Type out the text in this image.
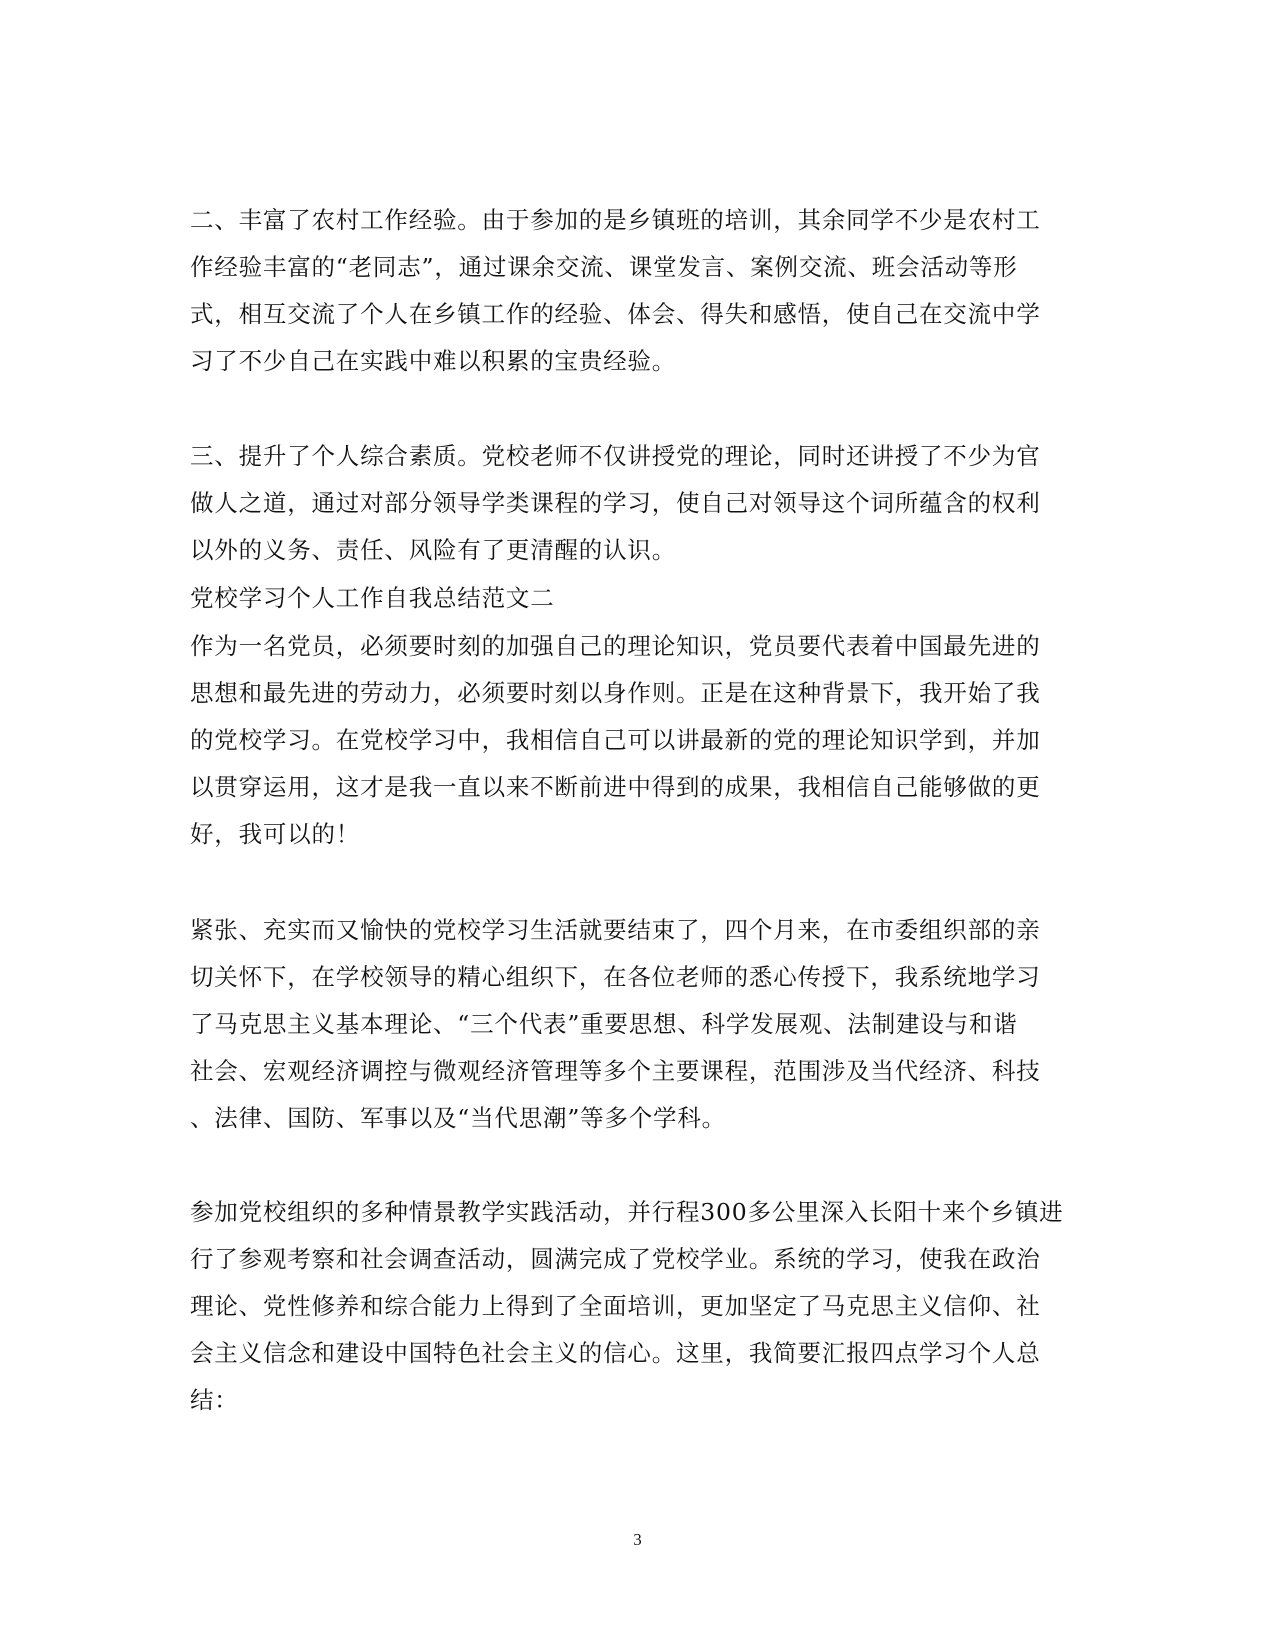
二、丰富了农村工作经验。由于参加的是乡镇班的培训，其余同学不少是农村工
作经验丰富的“老同志”，通过课余交流、课堂发言、案例交流、班会活动等形
式，相互交流了个人在乡镇工作的经验、体会、得失和感悟，使自己在交流中学
习了不少自己在实践中难以积累的宝贵经验。
三、提升了个人综合素质。党校老师不仅讲授党的理论，同时还讲授了不少为官
做人之道，通过对部分领导学类课程的学习，使自己对领导这个词所蕴含的权利
以外的义务、责任、风险有了更清醒的认识。
党校学习个人工作自我总结范文二
作为一名党员，必须要时刻的加强自己的理论知识，党员要代表着中国最先进的
思想和最先进的劳动力，必须要时刻以身作则。正是在这种背景下，我开始了我
的党校学习。在党校学习中，我相信自己可以讲最新的党的理论知识学到，并加
以贯穿运用，这才是我一直以来不断前进中得到的成果，我相信自己能够做的更
好，我可以的！
紧张、充实而又愉快的党校学习生活就要结束了，四个月来，在市委组织部的亲
切关怀下，在学校领导的精心组织下，在各位老师的悉心传授下，我系统地学习
了马克思主义基本理论、“三个代表”重要思想、科学发展观、法制建设与和谐
社会、宏观经济调控与微观经济管理等多个主要课程，范围涉及当代经济、科技
、法律、国防、军事以及“当代思潮”等多个学科。
参加党校组织的多种情景教学实践活动，并行程300多公里深入长阳十来个乡镇进
行了参观考察和社会调查活动，圆满完成了党校学业。系统的学习，使我在政治
理论、党性修养和综合能力上得到了全面培训，更加坚定了马克思主义信仰、社
会主义信念和建设中国特色社会主义的信心。这里，我简要汇报四点学习个人总
结：
3
